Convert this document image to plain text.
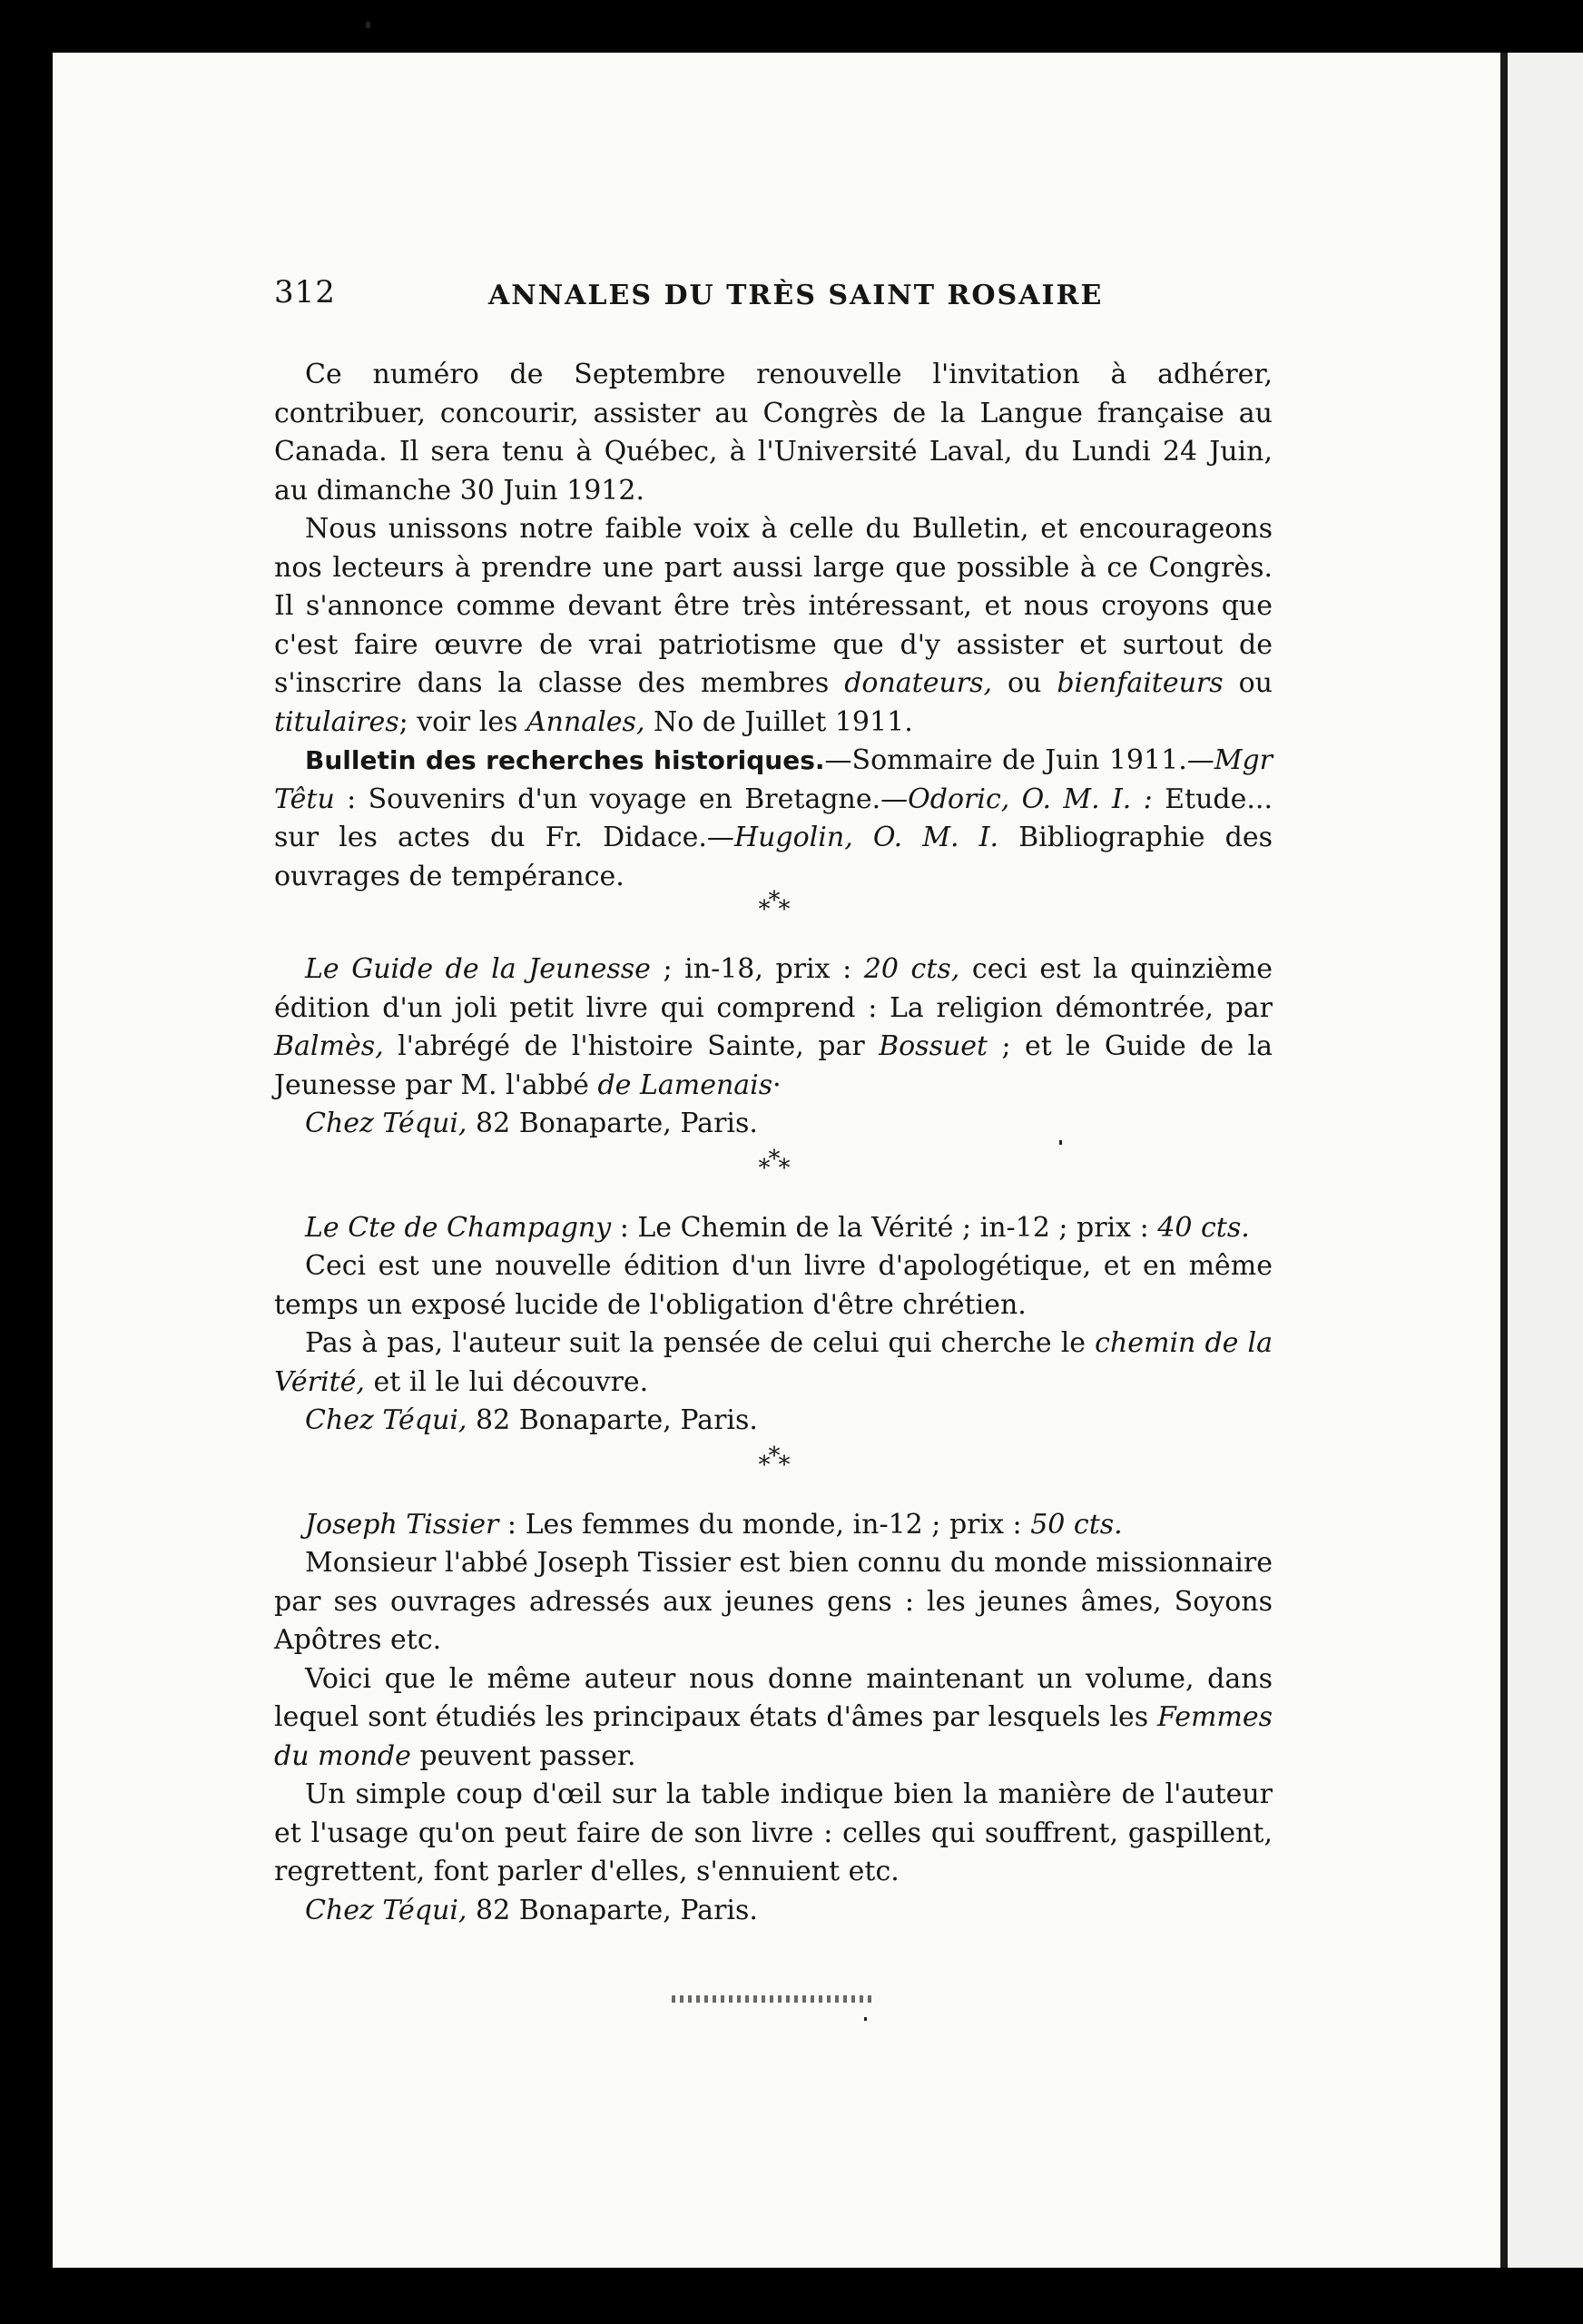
312	ANNALES DU TRÈS SAINT ROSAIRE

Ce numéro de Septembre renouvelle l'invitation à adhérer, contribuer, concourir, assister au Congrès de la Langue française au Canada. Il sera tenu à Québec, à l'Université Laval, du Lundi 24 Juin, au dimanche 30 Juin 1912.

Nous unissons notre faible voix à celle du Bulletin, et encourageons nos lecteurs à prendre une part aussi large que possible à ce Congrès. Il s'annonce comme devant être très intéressant, et nous croyons que c'est faire œuvre de vrai patriotisme que d'y assister et surtout de s'inscrire dans la classe des membres donateurs, ou bienfaiteurs ou titulaires; voir les Annales, No de Juillet 1911.

Bulletin des recherches historiques.—Sommaire de Juin 1911.—Mgr Têtu : Souvenirs d'un voyage en Bretagne.—Odoric, O. M. I. : Etude... sur les actes du Fr. Didace.—Hugolin, O. M. I. Bibliographie des ouvrages de tempérance.

***

Le Guide de la Jeunesse ; in-18, prix : 20 cts, ceci est la quinzième édition d'un joli petit livre qui comprend : La religion démontrée, par Balmès, l'abrégé de l'histoire Sainte, par Bossuet ; et le Guide de la Jeunesse par M. l'abbé de Lamenais·

Chez Téqui, 82 Bonaparte, Paris.

***

Le Cte de Champagny : Le Chemin de la Vérité ; in-12 ; prix : 40 cts.

Ceci est une nouvelle édition d'un livre d'apologétique, et en même temps un exposé lucide de l'obligation d'être chrétien.

Pas à pas, l'auteur suit la pensée de celui qui cherche le chemin de la Vérité, et il le lui découvre.

Chez Téqui, 82 Bonaparte, Paris.

***

Joseph Tissier : Les femmes du monde, in-12 ; prix : 50 cts.

Monsieur l'abbé Joseph Tissier est bien connu du monde missionnaire par ses ouvrages adressés aux jeunes gens : les jeunes âmes, Soyons Apôtres etc.

Voici que le même auteur nous donne maintenant un volume, dans lequel sont étudiés les principaux états d'âmes par lesquels les Femmes du monde peuvent passer.

Un simple coup d'œil sur la table indique bien la manière de l'auteur et l'usage qu'on peut faire de son livre : celles qui souffrent, gaspillent, regrettent, font parler d'elles, s'ennuient etc.

Chez Téqui, 82 Bonaparte, Paris.
